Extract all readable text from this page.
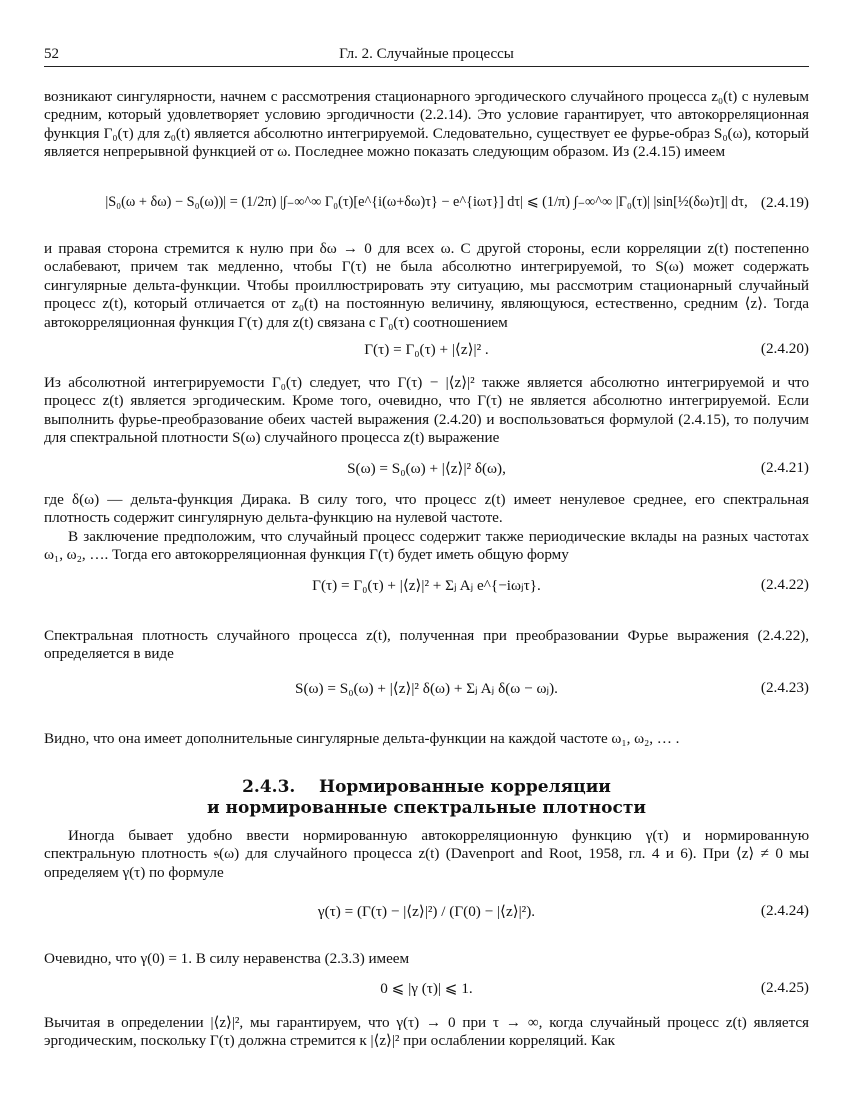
52	Гл. 2. Случайные процессы
возникают сингулярности, начнем с рассмотрения стационарного эргодического случайного процесса z₀(t) с нулевым средним, который удовлетворяет условию эргодичности (2.2.14). Это условие гарантирует, что автокорреляционная функция Γ₀(τ) для z₀(t) является абсолютно интегрируемой. Следовательно, существует ее фурье-образ S₀(ω), который является непрерывной функцией от ω. Последнее можно показать следующим образом. Из (2.4.15) имеем
|S₀(ω + δω) − S₀(ω))| = (1/2π) |∫₋∞^∞ Γ₀(τ)[e^{i(ω+δω)τ} − e^{iωτ}] dτ| ⩽ (1/π) ∫₋∞^∞ |Γ₀(τ)| |sin[½(δω)τ]| dτ, (2.4.19)
и правая сторона стремится к нулю при δω → 0 для всех ω. С другой стороны, если корреляции z(t) постепенно ослабевают, причем так медленно, чтобы Γ(τ) не была абсолютно интегрируемой, то S(ω) может содержать сингулярные дельта-функции. Чтобы проиллюстрировать эту ситуацию, мы рассмотрим стационарный случайный процесс z(t), который отличается от z₀(t) на постоянную величину, являющуюся, естественно, средним ⟨z⟩. Тогда автокорреляционная функция Γ(τ) для z(t) связана с Γ₀(τ) соотношением
Γ(τ) = Γ₀(τ) + |⟨z⟩|² .	(2.4.20)
Из абсолютной интегрируемости Γ₀(τ) следует, что Γ(τ) − |⟨z⟩|² также является абсолютно интегрируемой и что процесс z(t) является эргодическим. Кроме того, очевидно, что Γ(τ) не является абсолютно интегрируемой. Если выполнить фурье-преобразование обеих частей выражения (2.4.20) и воспользоваться формулой (2.4.15), то получим для спектральной плотности S(ω) случайного процесса z(t) выражение
S(ω) = S₀(ω) + |⟨z⟩|² δ(ω),	(2.4.21)
где δ(ω) — дельта-функция Дирака. В силу того, что процесс z(t) имеет ненулевое среднее, его спектральная плотность содержит сингулярную дельта-функцию на нулевой частоте.
В заключение предположим, что случайный процесс содержит также периодические вклады на разных частотах ω₁, ω₂, …. Тогда его автокорреляционная функция Γ(τ) будет иметь общую форму
Γ(τ) = Γ₀(τ) + |⟨z⟩|² + Σⱼ Aⱼ e^{−iωⱼτ}.	(2.4.22)
Спектральная плотность случайного процесса z(t), полученная при преобразовании Фурье выражения (2.4.22), определяется в виде
S(ω) = S₀(ω) + |⟨z⟩|² δ(ω) + Σⱼ Aⱼ δ(ω − ωⱼ).	(2.4.23)
Видно, что она имеет дополнительные сингулярные дельта-функции на каждой частоте ω₁, ω₂, … .
2.4.3. Нормированные корреляции
и нормированные спектральные плотности
Иногда бывает удобно ввести нормированную автокорреляционную функцию γ(τ) и нормированную спектральную плотность 𝔰(ω) для случайного процесса z(t) (Davenport and Root, 1958, гл. 4 и 6). При ⟨z⟩ ≠ 0 мы определяем γ(τ) по формуле
γ(τ) = (Γ(τ) − |⟨z⟩|²) / (Γ(0) − |⟨z⟩|²).	(2.4.24)
Очевидно, что γ(0) = 1. В силу неравенства (2.3.3) имеем
0 ⩽ |γ (τ)| ⩽ 1.	(2.4.25)
Вычитая в определении |⟨z⟩|², мы гарантируем, что γ(τ) → 0 при τ → ∞, когда случайный процесс z(t) является эргодическим, поскольку Γ(τ) должна стремится к |⟨z⟩|² при ослаблении корреляций. Как
